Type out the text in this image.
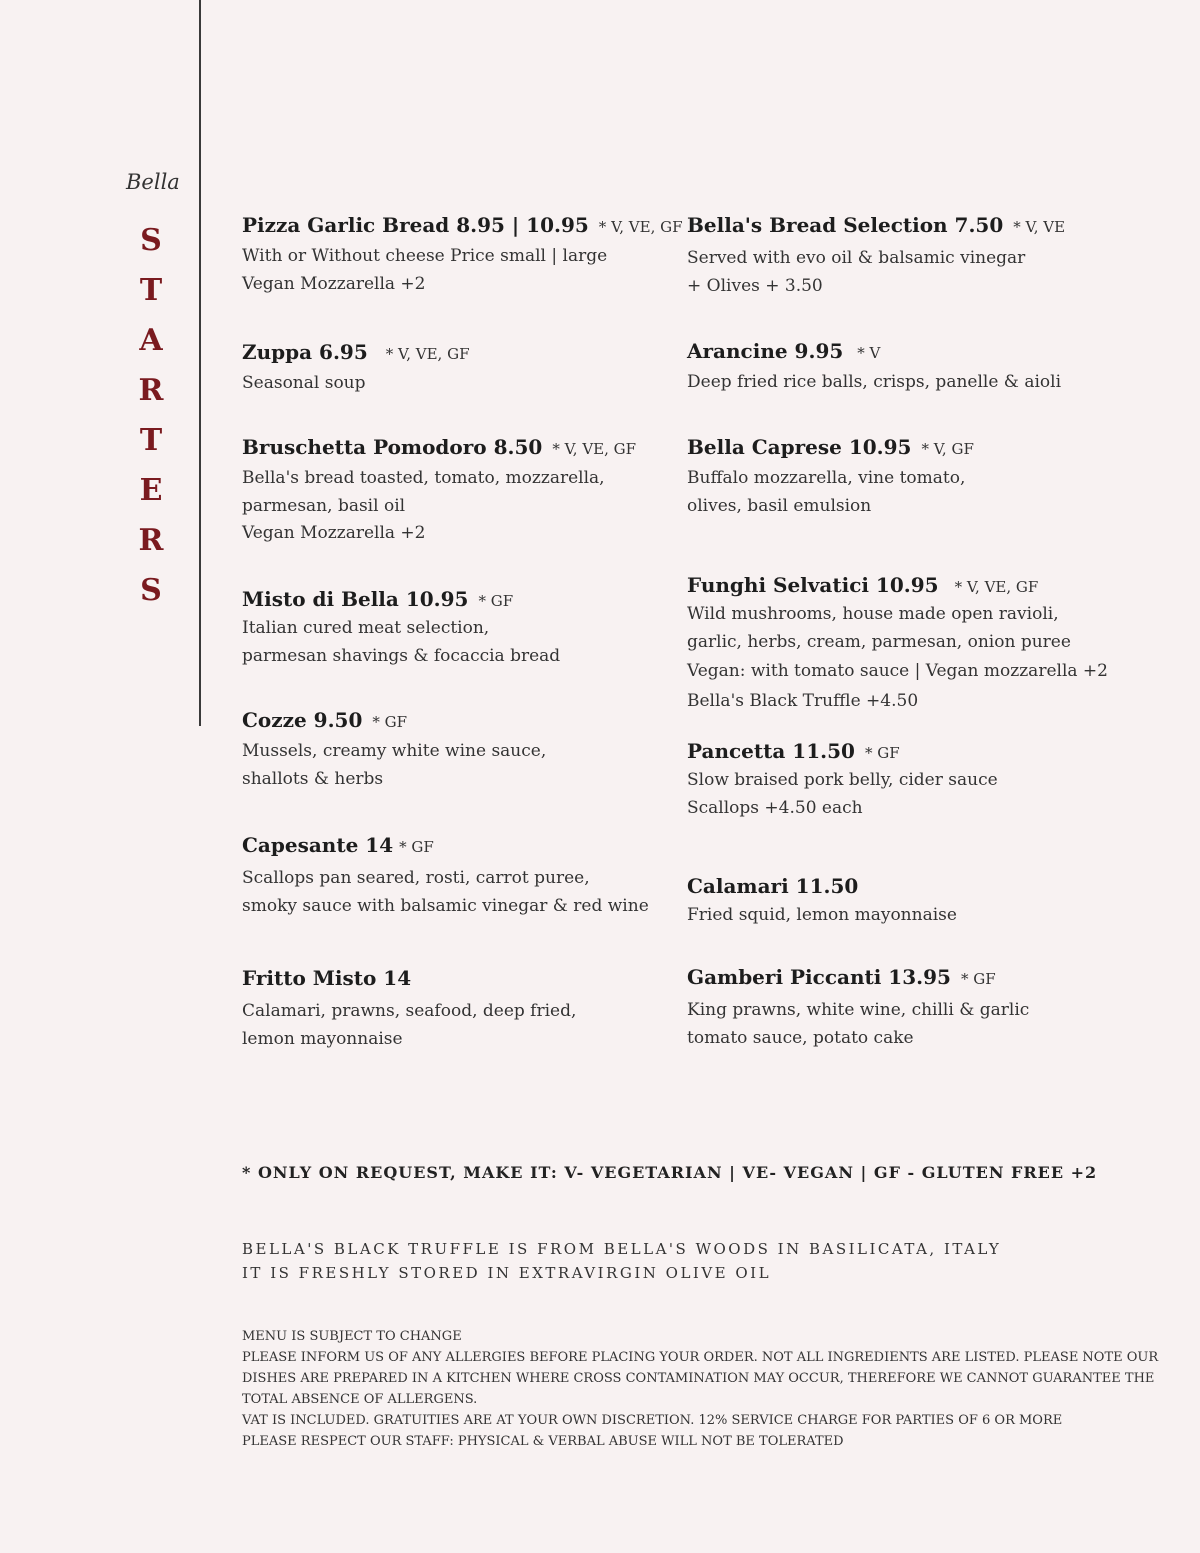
Bella
S
T
A
R
T
E
R
S
Pizza Garlic Bread 8.95 | 10.95 * V, VE, GF
With or Without cheese Price small | large
Vegan Mozzarella +2
Zuppa 6.95 * V, VE, GF
Seasonal soup
Bruschetta Pomodoro 8.50 * V, VE, GF
Bella's bread toasted, tomato, mozzarella,
parmesan, basil oil
Vegan Mozzarella +2
Misto di Bella 10.95 * GF
Italian cured meat selection,
parmesan shavings & focaccia bread
Cozze 9.50 * GF
Mussels, creamy white wine sauce,
shallots & herbs
Capesante 14 * GF
Scallops pan seared, rosti, carrot puree,
smoky sauce with balsamic vinegar & red wine
Fritto Misto 14
Calamari, prawns, seafood, deep fried,
lemon mayonnaise
Bella's Bread Selection 7.50 * V, VE
Served with evo oil & balsamic vinegar
+ Olives + 3.50
Arancine 9.95 * V
Deep fried rice balls, crisps, panelle & aioli
Bella Caprese 10.95 * V, GF
Buffalo mozzarella, vine tomato,
olives, basil emulsion
Funghi Selvatici 10.95 * V, VE, GF
Wild mushrooms, house made open ravioli,
garlic, herbs, cream, parmesan, onion puree
Vegan: with tomato sauce | Vegan mozzarella +2
Bella's Black Truffle +4.50
Pancetta 11.50 * GF
Slow braised pork belly, cider sauce
Scallops +4.50 each
Calamari 11.50
Fried squid, lemon mayonnaise
Gamberi Piccanti 13.95 * GF
King prawns, white wine, chilli & garlic
tomato sauce, potato cake
* ONLY ON REQUEST, MAKE IT: V- VEGETARIAN | VE- VEGAN | GF - GLUTEN FREE +2
BELLA'S BLACK TRUFFLE IS FROM BELLA'S WOODS IN BASILICATA, ITALY
IT IS FRESHLY STORED IN EXTRAVIRGIN OLIVE OIL
MENU IS SUBJECT TO CHANGE
PLEASE INFORM US OF ANY ALLERGIES BEFORE PLACING YOUR ORDER. NOT ALL INGREDIENTS ARE LISTED. PLEASE NOTE OUR DISHES ARE PREPARED IN A KITCHEN WHERE CROSS CONTAMINATION MAY OCCUR, THEREFORE WE CANNOT GUARANTEE THE TOTAL ABSENCE OF ALLERGENS.
VAT IS INCLUDED. GRATUITIES ARE AT YOUR OWN DISCRETION. 12% SERVICE CHARGE FOR PARTIES OF 6 OR MORE
PLEASE RESPECT OUR STAFF: PHYSICAL & VERBAL ABUSE WILL NOT BE TOLERATED
